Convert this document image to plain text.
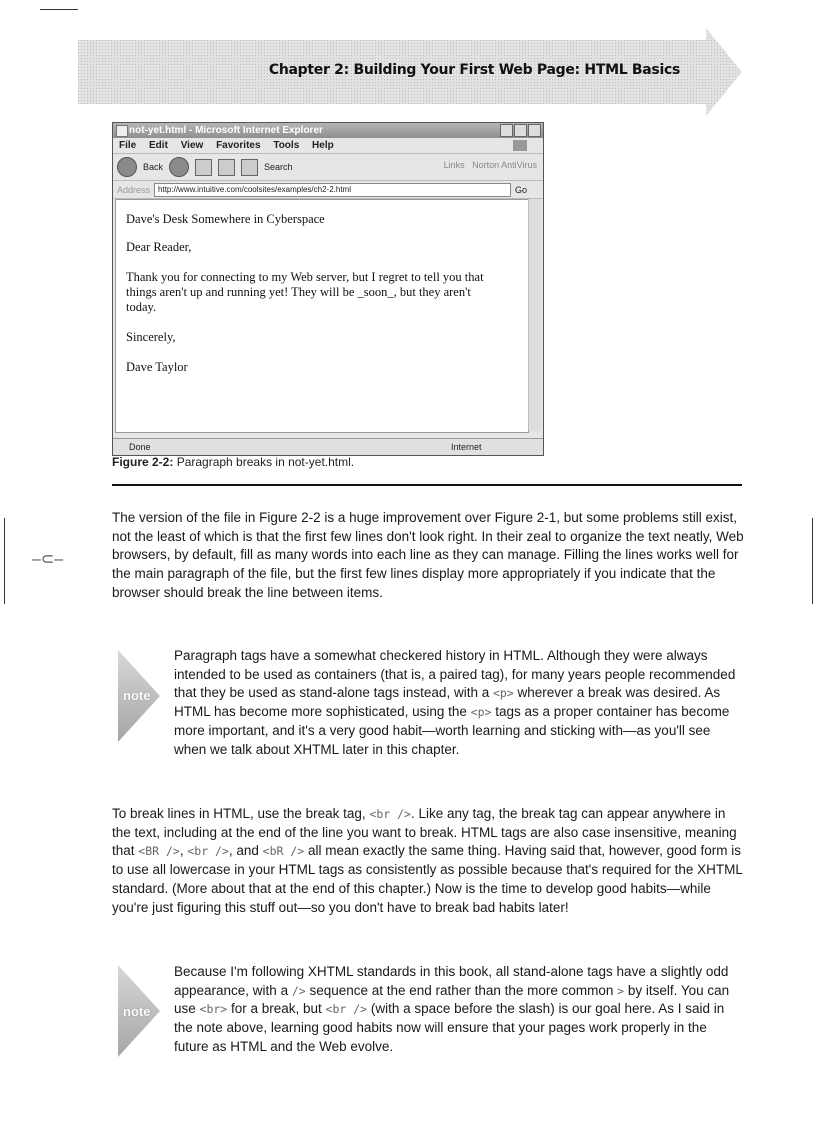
Chapter 2: Building Your First Web Page: HTML Basics
not-yet.html - Microsoft Internet Explorer
File Edit View Favorites Tools Help
Back	Search	Links Norton AntiVirus
Address	http://www.intuitive.com/coolsites/examples/ch2-2.html	Go

Dave's Desk Somewhere in Cyberspace

Dear Reader,

Thank you for connecting to my Web server, but I regret to tell you that

things aren't up and running yet! They will be _soon_, but they aren't

today.

Sincerely,

Dave Taylor

Done	Internet
Figure 2-2: Paragraph breaks in not-yet.html.
–⊂–

The version of the file in Figure 2-2 is a huge improvement over Figure 2-1, but some problems still exist, not the least of which is that the first few lines don't look right. In their zeal to organize the text neatly, Web browsers, by default, fill as many words into each line as they can manage. Filling the lines works well for the main paragraph of the file, but the first few lines display more appropriately if you indicate that the browser should break the line between items.

note

Paragraph tags have a somewhat checkered history in HTML. Although they were always intended to be used as containers (that is, a paired tag), for many years people recommended that they be used as stand-alone tags instead, with a <p> wherever a break was desired. As HTML has become more sophisticated, using the <p> tags as a proper container has become more important, and it's a very good habit—worth learning and sticking with—as you'll see when we talk about XHTML later in this chapter.

To break lines in HTML, use the break tag, <br />. Like any tag, the break tag can appear anywhere in the text, including at the end of the line you want to break. HTML tags are also case insensitive, meaning that <BR />, <br />, and <bR /> all mean exactly the same thing. Having said that, however, good form is to use all lowercase in your HTML tags as consistently as possible because that's required for the XHTML standard. (More about that at the end of this chapter.) Now is the time to develop good habits—while you're just figuring this stuff out—so you don't have to break bad habits later!

note

Because I'm following XHTML standards in this book, all stand-alone tags have a slightly odd appearance, with a /> sequence at the end rather than the more common > by itself. You can use <br> for a break, but <br /> (with a space before the slash) is our goal here. As I said in the note above, learning good habits now will ensure that your pages work properly in the future as HTML and the Web evolve.
